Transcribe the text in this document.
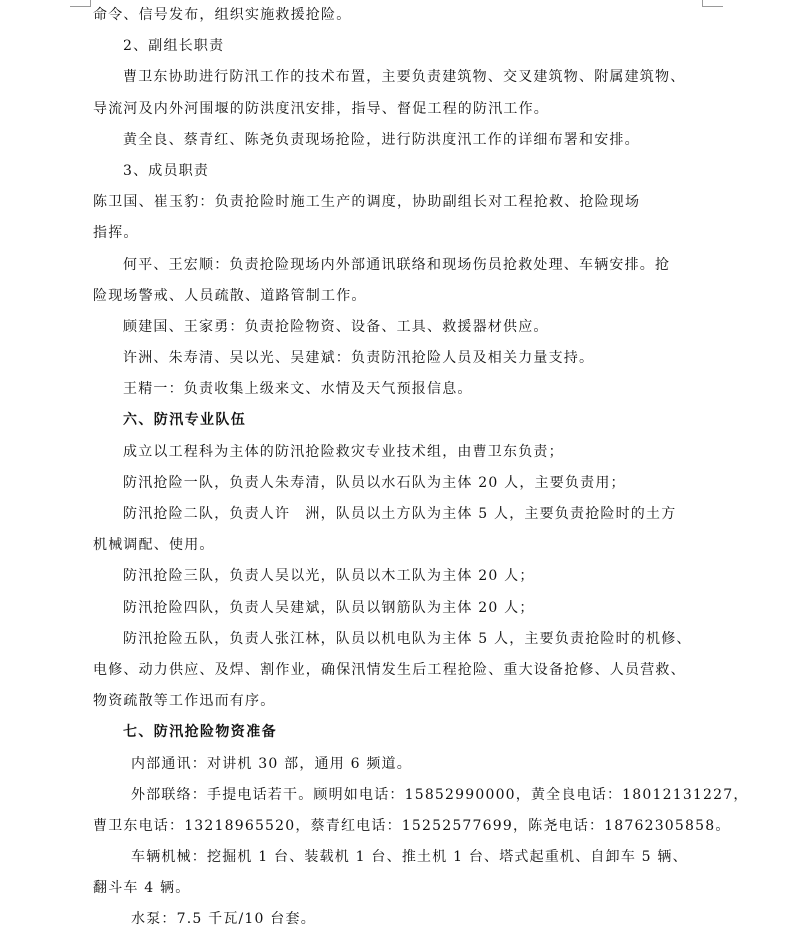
命令、信号发布，组织实施救援抢险。
2、副组长职责
曹卫东协助进行防汛工作的技术布置，主要负责建筑物、交叉建筑物、附属建筑物、
导流河及内外河围堰的防洪度汛安排，指导、督促工程的防汛工作。
黄全良、蔡青红、陈尧负责现场抢险，进行防洪度汛工作的详细布署和安排。
3、成员职责
陈卫国、崔玉豹：负责抢险时施工生产的调度，协助副组长对工程抢救、抢险现场
指挥。
何平、王宏顺：负责抢险现场内外部通讯联络和现场伤员抢救处理、车辆安排。抢
险现场警戒、人员疏散、道路管制工作。
顾建国、王家勇：负责抢险物资、设备、工具、救援器材供应。
许洲、朱寿清、吴以光、吴建斌：负责防汛抢险人员及相关力量支持。
王精一：负责收集上级来文、水情及天气预报信息。
六、防汛专业队伍
成立以工程科为主体的防汛抢险救灾专业技术组，由曹卫东负责；
防汛抢险一队，负责人朱寿清，队员以水石队为主体 20 人，主要负责用；
防汛抢险二队，负责人许　洲，队员以土方队为主体 5 人，主要负责抢险时的土方
机械调配、使用。
防汛抢险三队，负责人吴以光，队员以木工队为主体 20 人；
防汛抢险四队，负责人吴建斌，队员以钢筋队为主体 20 人；
防汛抢险五队，负责人张江林，队员以机电队为主体 5 人，主要负责抢险时的机修、
电修、动力供应、及焊、割作业，确保汛情发生后工程抢险、重大设备抢修、人员营救、
物资疏散等工作迅而有序。
七、防汛抢险物资准备
内部通讯：对讲机 30 部，通用 6 频道。
外部联络：手提电话若干。顾明如电话：15852990000，黄全良电话：18012131227，
曹卫东电话：13218965520，蔡青红电话：15252577699，陈尧电话：18762305858。
车辆机械：挖掘机 1 台、装载机 1 台、推土机 1 台、塔式起重机、自卸车 5 辆、
翻斗车 4 辆。
水泵：7.5 千瓦/10 台套。
